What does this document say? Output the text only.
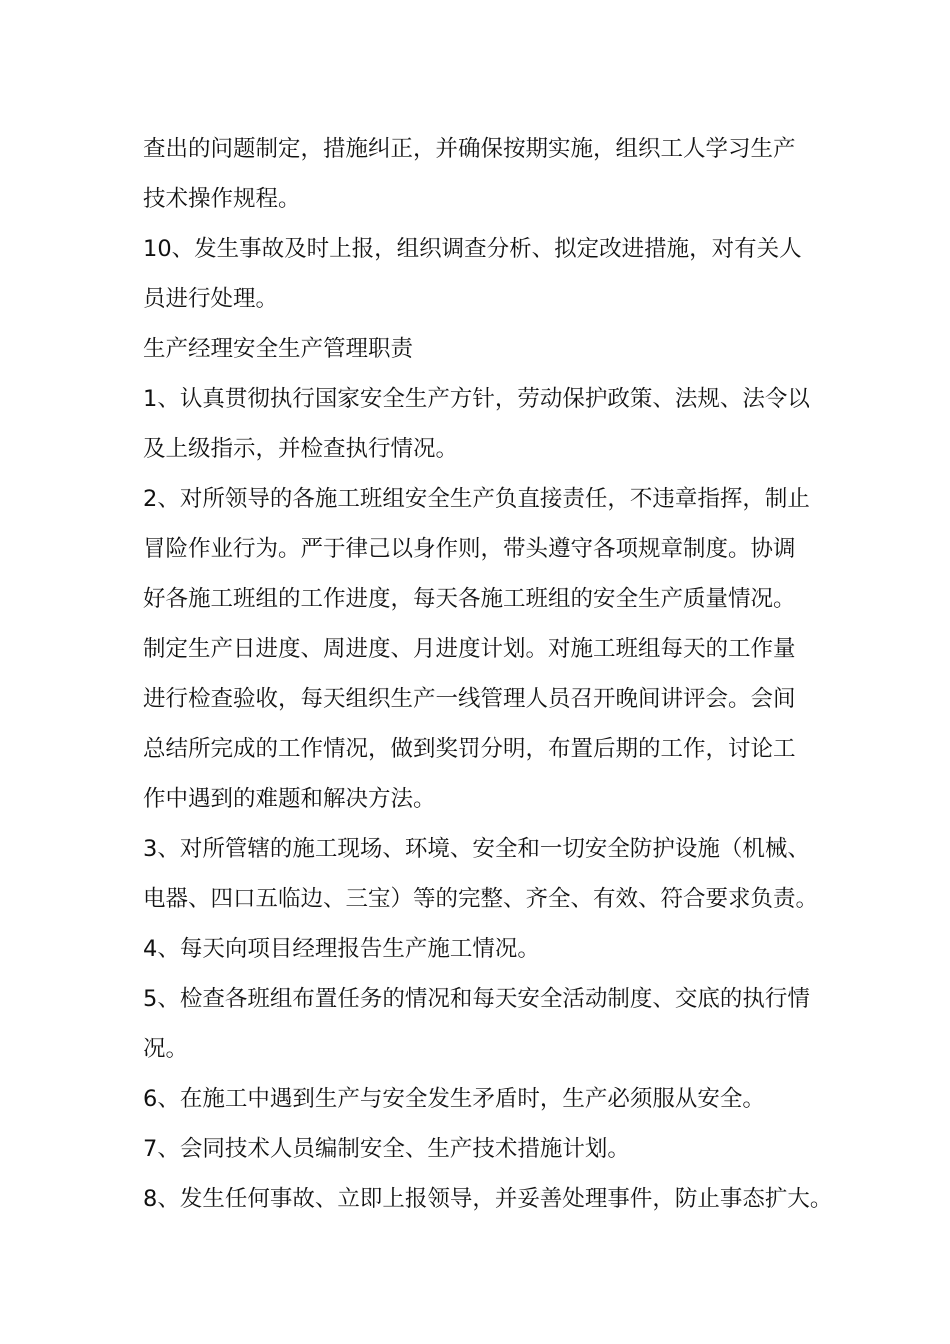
查出的问题制定，措施纠正，并确保按期实施，组织工人学习生产
技术操作规程。
10、发生事故及时上报，组织调查分析、拟定改进措施，对有关人
员进行处理。
生产经理安全生产管理职责
1、认真贯彻执行国家安全生产方针，劳动保护政策、法规、法令以
及上级指示，并检查执行情况。
2、对所领导的各施工班组安全生产负直接责任，不违章指挥，制止
冒险作业行为。严于律己以身作则，带头遵守各项规章制度。协调
好各施工班组的工作进度，每天各施工班组的安全生产质量情况。
制定生产日进度、周进度、月进度计划。对施工班组每天的工作量
进行检查验收，每天组织生产一线管理人员召开晚间讲评会。会间
总结所完成的工作情况，做到奖罚分明，布置后期的工作，讨论工
作中遇到的难题和解决方法。
3、对所管辖的施工现场、环境、安全和一切安全防护设施（机械、
电器、四口五临边、三宝）等的完整、齐全、有效、符合要求负责。
4、每天向项目经理报告生产施工情况。
5、检查各班组布置任务的情况和每天安全活动制度、交底的执行情
况。
6、在施工中遇到生产与安全发生矛盾时，生产必须服从安全。
7、会同技术人员编制安全、生产技术措施计划。
8、发生任何事故、立即上报领导，并妥善处理事件，防止事态扩大。
